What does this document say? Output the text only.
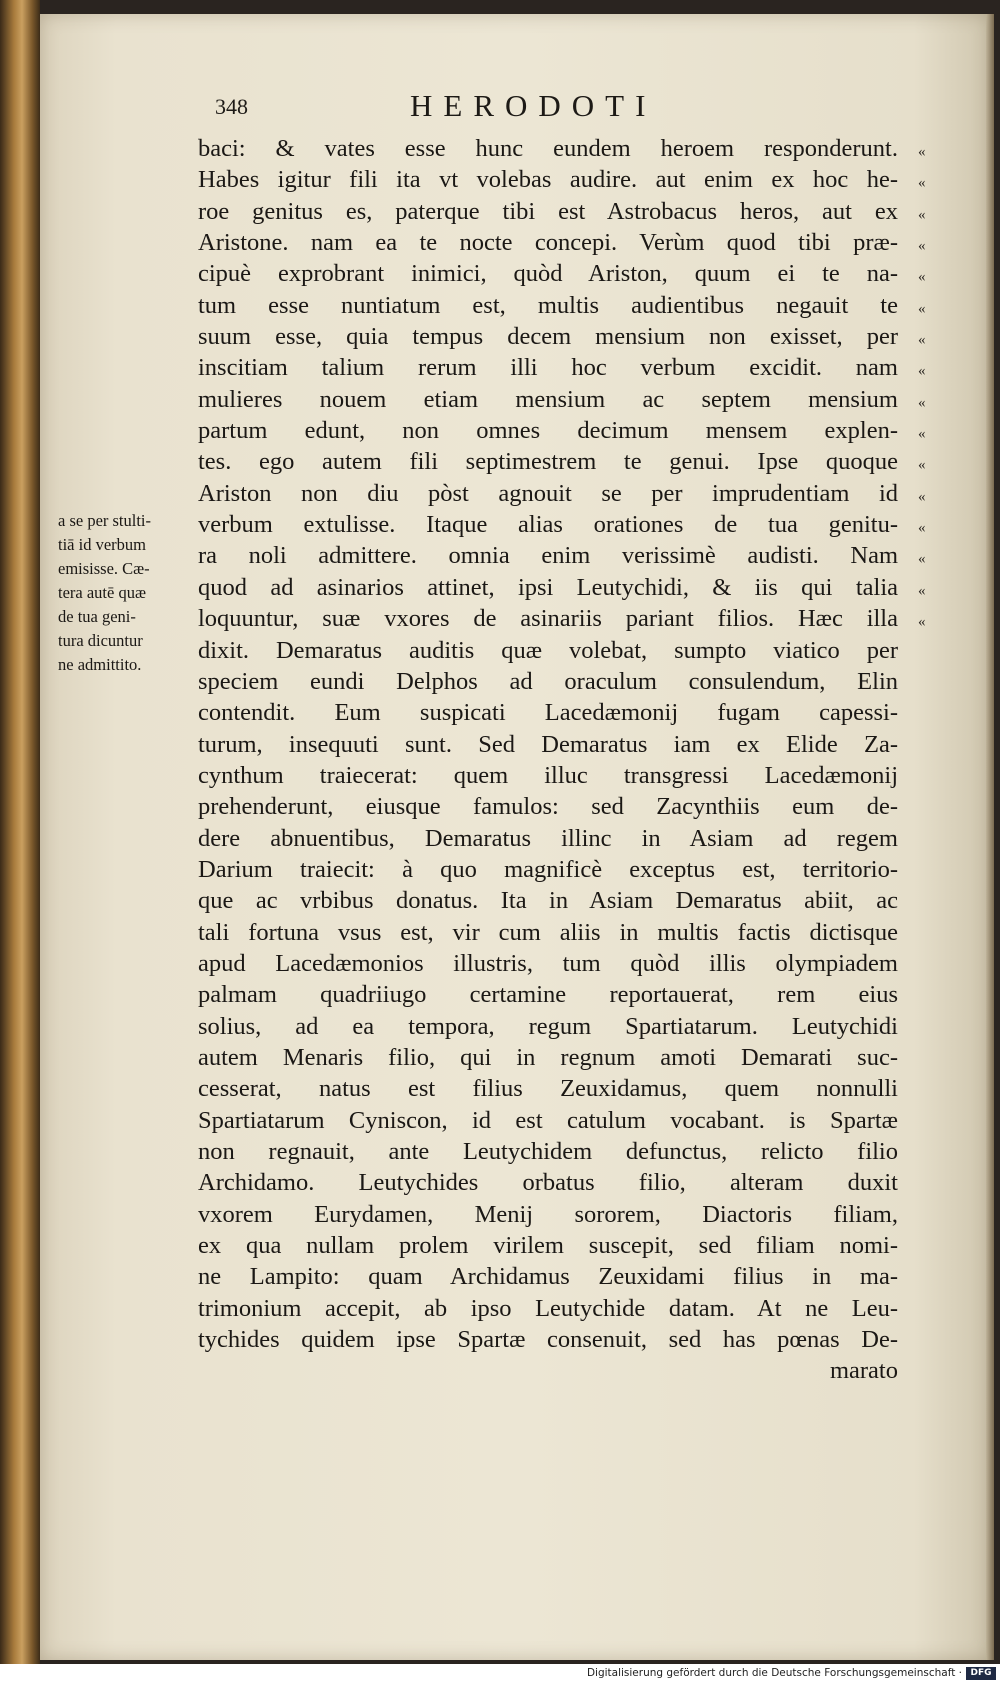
348	HERODOTI
a se per stulti-
tiā id verbum
emisisse. Cæ-
tera autē quæ
de tua geni-
tura dicuntur
ne admittito.
baci: & vates esse hunc eundem heroem responderunt.
Habes igitur fili ita vt volebas audire. aut enim ex hoc he-
roe genitus es, paterque tibi est Astrobacus heros, aut ex
Aristone. nam ea te nocte concepi. Verùm quod tibi præ-
cipuè exprobrant inimici, quòd Ariston, quum ei te na-
tum esse nuntiatum est, multis audientibus negauit te
suum esse, quia tempus decem mensium non exisset, per
inscitiam talium rerum illi hoc verbum excidit. nam
mulieres nouem etiam mensium ac septem mensium
partum edunt, non omnes decimum mensem explen-
tes. ego autem fili septimestrem te genui. Ipse quoque
Ariston non diu pòst agnouit se per imprudentiam id
verbum extulisse. Itaque alias orationes de tua genitu-
ra noli admittere. omnia enim verissimè audisti. Nam
quod ad asinarios attinet, ipsi Leutychidi, & iis qui talia
loquuntur, suæ vxores de asinariis pariant filios. Hæc illa
dixit. Demaratus auditis quæ volebat, sumpto viatico per
speciem eundi Delphos ad oraculum consulendum, Elin
contendit. Eum suspicati Lacedæmonij fugam capessi-
turum, insequuti sunt. Sed Demaratus iam ex Elide Za-
cynthum traiecerat: quem illuc transgressi Lacedæmonij
prehenderunt, eiusque famulos: sed Zacynthiis eum de-
dere abnuentibus, Demaratus illinc in Asiam ad regem
Darium traiecit: à quo magnificè exceptus est, territorio-
que ac vrbibus donatus. Ita in Asiam Demaratus abiit, ac
tali fortuna vsus est, vir cum aliis in multis factis dictisque
apud Lacedæmonios illustris, tum quòd illis olympiadem
palmam quadriiugo certamine reportauerat, rem eius
solius, ad ea tempora, regum Spartiatarum. Leutychidi
autem Menaris filio, qui in regnum amoti Demarati suc-
cesserat, natus est filius Zeuxidamus, quem nonnulli
Spartiatarum Cyniscon, id est catulum vocabant. is Spartæ
non regnauit, ante Leutychidem defunctus, relicto filio
Archidamo. Leutychides orbatus filio, alteram duxit
vxorem Eurydamen, Menij sororem, Diactoris filiam,
ex qua nullam prolem virilem suscepit, sed filiam nomi-
ne Lampito: quam Archidamus Zeuxidami filius in ma-
trimonium accepit, ab ipso Leutychide datam. At ne Leu-
tychides quidem ipse Spartæ consenuit, sed has pœnas De-
marato
«
«
«
«
«
«
«
«
«
«
«
«
«
«
«
«
Digitalisierung gefördert durch die Deutsche Forschungsgemeinschaft · DFG
